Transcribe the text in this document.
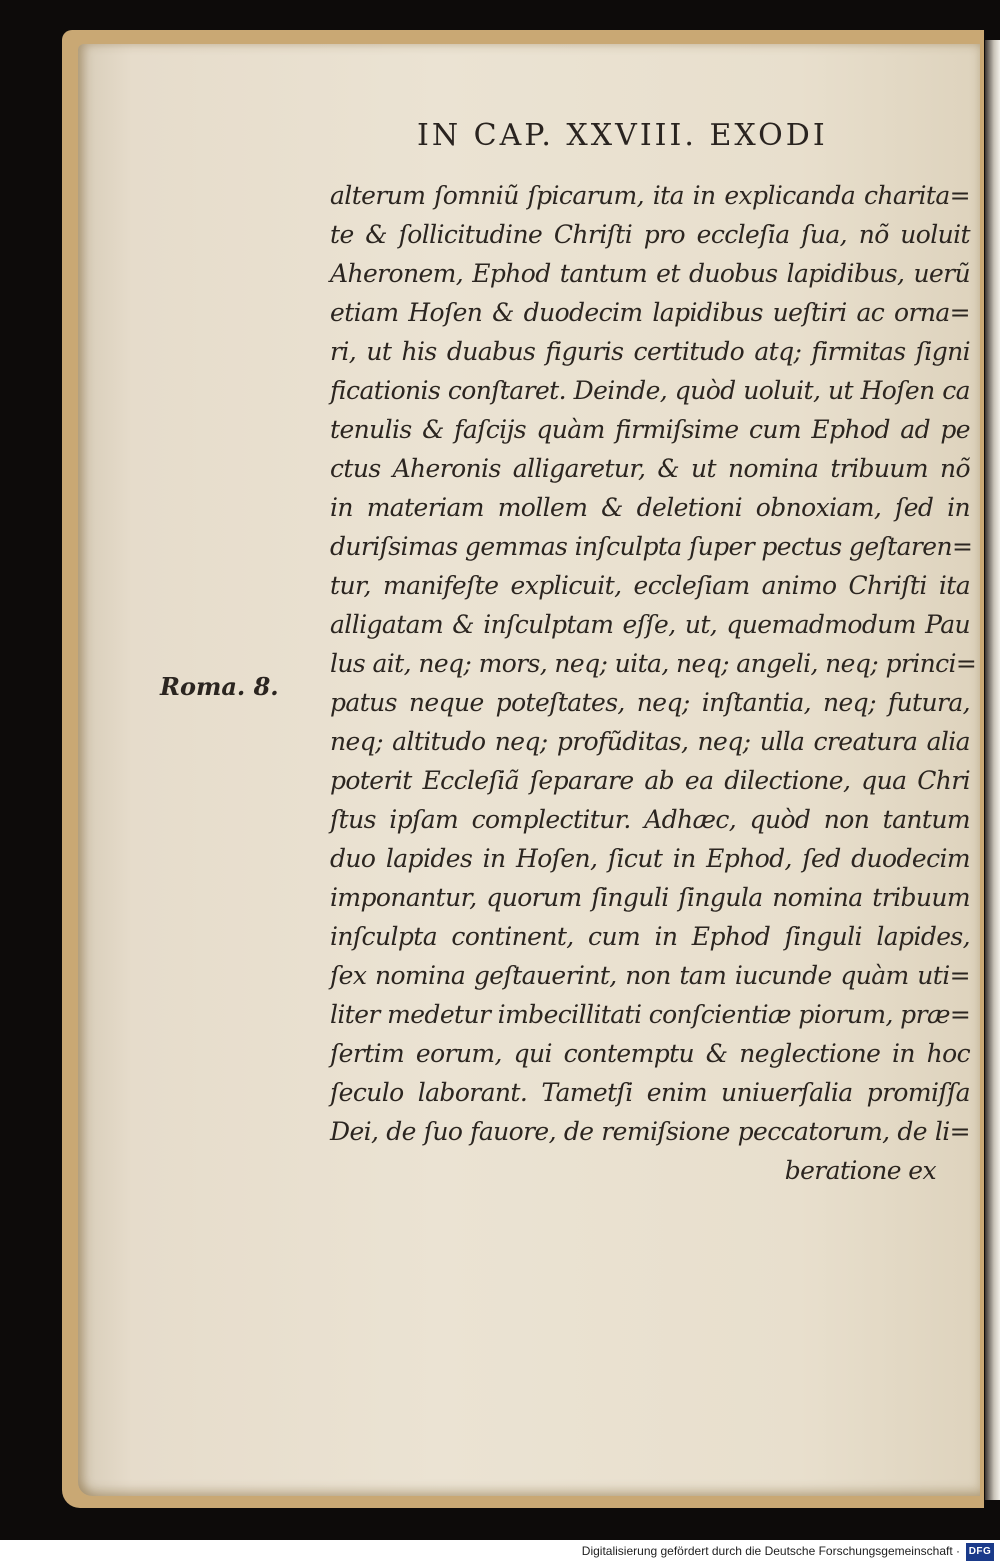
IN CAP. XXVIII. EXODI
Roma. 8.
alterum ſomniũ ſpicarum, ita in explicanda charita=
te & ſollicitudine Chriſti pro eccleſia ſua, nõ uoluit
Aheronem, Ephod tantum et duobus lapidibus, uerũ
etiam Hoſen & duodecim lapidibus ueſtiri ac orna=
ri, ut his duabus figuris certitudo atq; firmitas ſigni
ficationis conſtaret. Deinde, quòd uoluit, ut Hoſen ca
tenulis & faſcijs quàm firmiſsime cum Ephod ad pe
ctus Aheronis alligaretur, & ut nomina tribuum nõ
in materiam mollem & deletioni obnoxiam, ſed in
duriſsimas gemmas inſculpta ſuper pectus geſtaren=
tur, manifeſte explicuit, eccleſiam animo Chriſti ita
alligatam & inſculptam eſſe, ut, quemadmodum Pau
lus ait, neq; mors, neq; uita, neq; angeli, neq; princi=
patus neque poteſtates, neq; inſtantia, neq; futura,
neq; altitudo neq; profũditas, neq; ulla creatura alia
poterit Eccleſiã ſeparare ab ea dilectione, qua Chri
ſtus ipſam complectitur. Adhæc, quòd non tantum
duo lapides in Hoſen, ſicut in Ephod, ſed duodecim
imponantur, quorum ſinguli ſingula nomina tribuum
inſculpta continent, cum in Ephod ſinguli lapides,
ſex nomina geſtauerint, non tam iucunde quàm uti=
liter medetur imbecillitati conſcientiæ piorum, præ=
ſertim eorum, qui contemptu & neglectione in hoc
ſeculo laborant. Tametſi enim uniuerſalia promiſſa
Dei, de ſuo fauore, de remiſsione peccatorum, de li=
beratione ex
Digitalisierung gefördert durch die Deutsche Forschungsgemeinschaft · DFG
